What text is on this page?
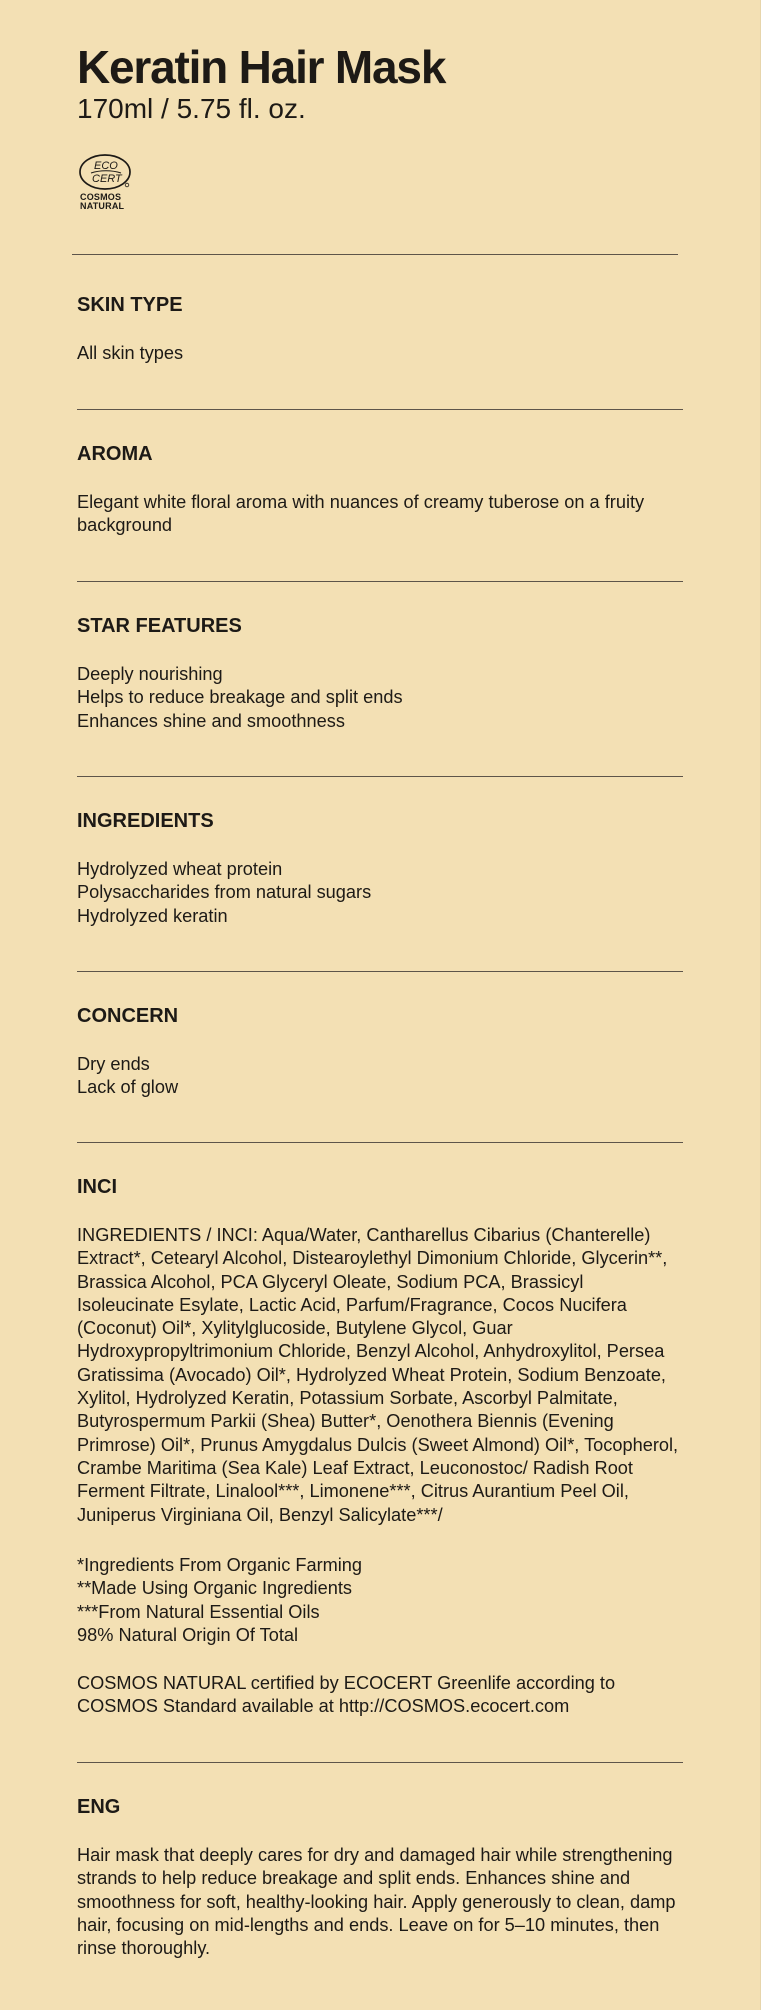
Keratin Hair Mask
170ml / 5.75 fl. oz.
ECO
CERT
COSMOS
NATURAL
SKIN TYPE

All skin types

AROMA

Elegant white floral aroma with nuances of creamy tuberose on a fruity background

STAR FEATURES
Deeply nourishing
Helps to reduce breakage and split ends
Enhances shine and smoothness
INGREDIENTS
Hydrolyzed wheat protein
Polysaccharides from natural sugars
Hydrolyzed keratin
CONCERN
Dry ends
Lack of glow
INCI

INGREDIENTS / INCI: Aqua/Water, Cantharellus Cibarius (Chanterelle) Extract*, Cetearyl Alcohol, Distearoylethyl Dimonium Chloride, Glycerin**, Brassica Alcohol, PCA Glyceryl Oleate, Sodium PCA, Brassicyl Isoleucinate Esylate, Lactic Acid, Parfum/Fragrance, Cocos Nucifera (Coconut) Oil*, Xylitylglucoside, Butylene Glycol, Guar Hydroxypropyltrimonium Chloride, Benzyl Alcohol, Anhydroxylitol, Persea Gratissima (Avocado) Oil*, Hydrolyzed Wheat Protein, Sodium Benzoate, Xylitol, Hydrolyzed Keratin, Potassium Sorbate, Ascorbyl Palmitate, Butyrospermum Parkii (Shea) Butter*, Oenothera Biennis (Evening Primrose) Oil*, Prunus Amygdalus Dulcis (Sweet Almond) Oil*, Tocopherol, Crambe Maritima (Sea Kale) Leaf Extract, Leuconostoc/ Radish Root Ferment Filtrate, Linalool***, Limonene***, Citrus Aurantium Peel Oil, Juniperus Virginiana Oil, Benzyl Salicylate***/

*Ingredients From Organic Farming
**Made Using Organic Ingredients
***From Natural Essential Oils
98% Natural Origin Of Total

COSMOS NATURAL certified by ECOCERT Greenlife according to COSMOS Standard available at http://COSMOS.ecocert.com

ENG

Hair mask that deeply cares for dry and damaged hair while strengthening strands to help reduce breakage and split ends. Enhances shine and smoothness for soft, healthy-looking hair. Apply generously to clean, damp hair, focusing on mid-lengths and ends. Leave on for 5–10 minutes, then rinse thoroughly.
